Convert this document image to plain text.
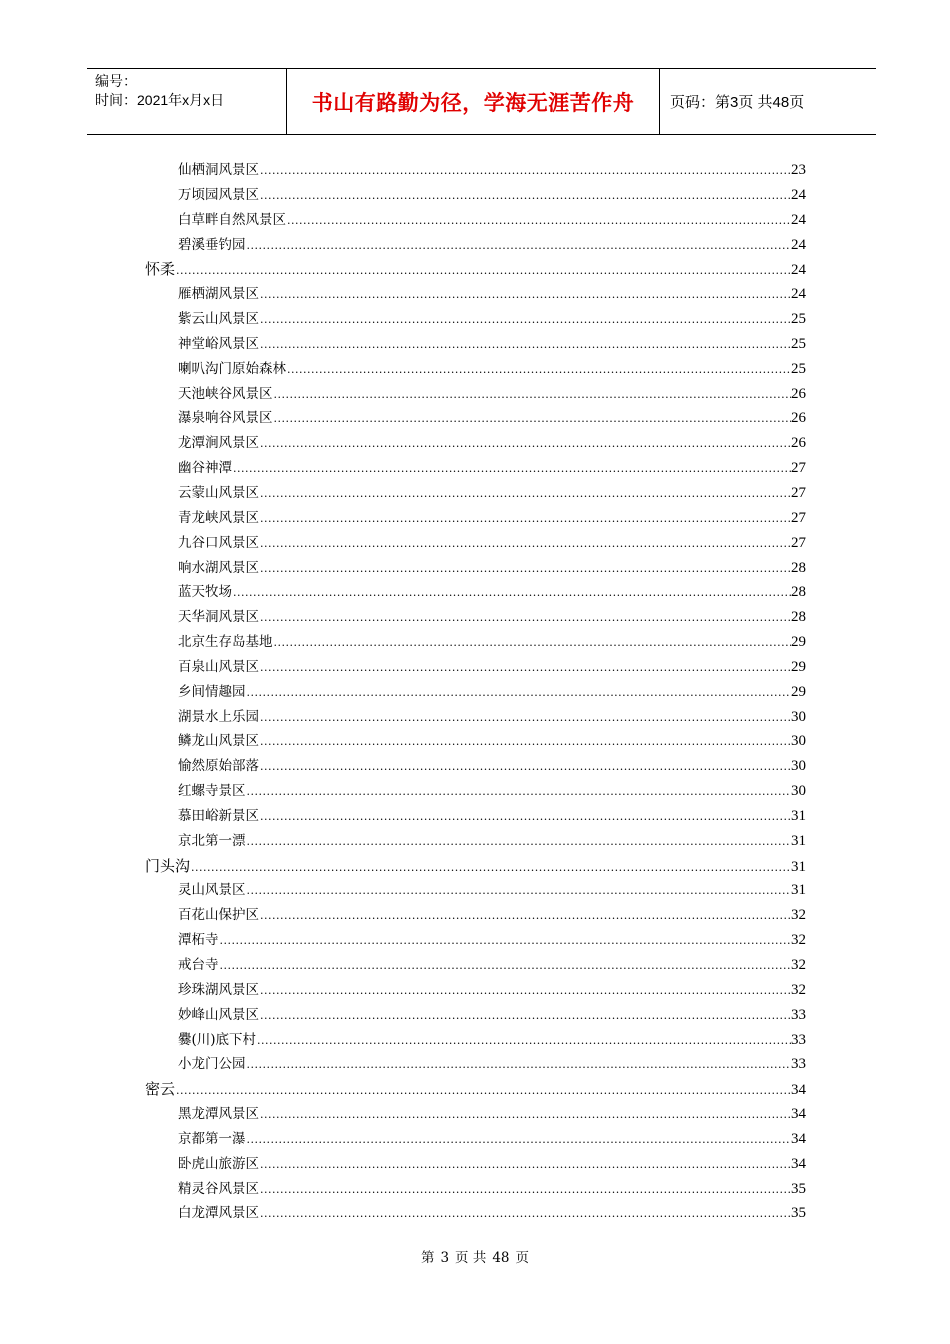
编号：
时间：2021年x月x日	书山有路勤为径，学海无涯苦作舟	页码：第3页 共48页
仙栖洞风景区 .....	23
万顷园风景区 .....	24
白草畔自然风景区 .....	24
碧溪垂钓园 .....	24
怀柔 .....	24
雁栖湖风景区 .....	24
紫云山风景区 .....	25
神堂峪风景区 .....	25
喇叭沟门原始森林 .....	25
天池峡谷风景区 .....	26
瀑泉响谷风景区 .....	26
龙潭涧风景区 .....	26
幽谷神潭 .....	27
云蒙山风景区 .....	27
青龙峡风景区 .....	27
九谷口风景区 .....	27
响水湖风景区 .....	28
蓝天牧场 .....	28
天华洞风景区 .....	28
北京生存岛基地 .....	29
百泉山风景区 .....	29
乡间情趣园 .....	29
湖景水上乐园 .....	30
鳞龙山风景区 .....	30
愉然原始部落 .....	30
红螺寺景区 .....	30
慕田峪新景区 .....	31
京北第一漂 .....	31
门头沟 .....	31
灵山风景区 .....	31
百花山保护区 .....	32
潭柘寺 .....	32
戒台寺 .....	32
珍珠湖风景区 .....	32
妙峰山风景区 .....	33
爨(川)底下村 .....	33
小龙门公园 .....	33
密云 .....	34
黑龙潭风景区 .....	34
京都第一瀑 .....	34
卧虎山旅游区 .....	34
精灵谷风景区 .....	35
白龙潭风景区 .....	35
第 3 页 共 48 页
